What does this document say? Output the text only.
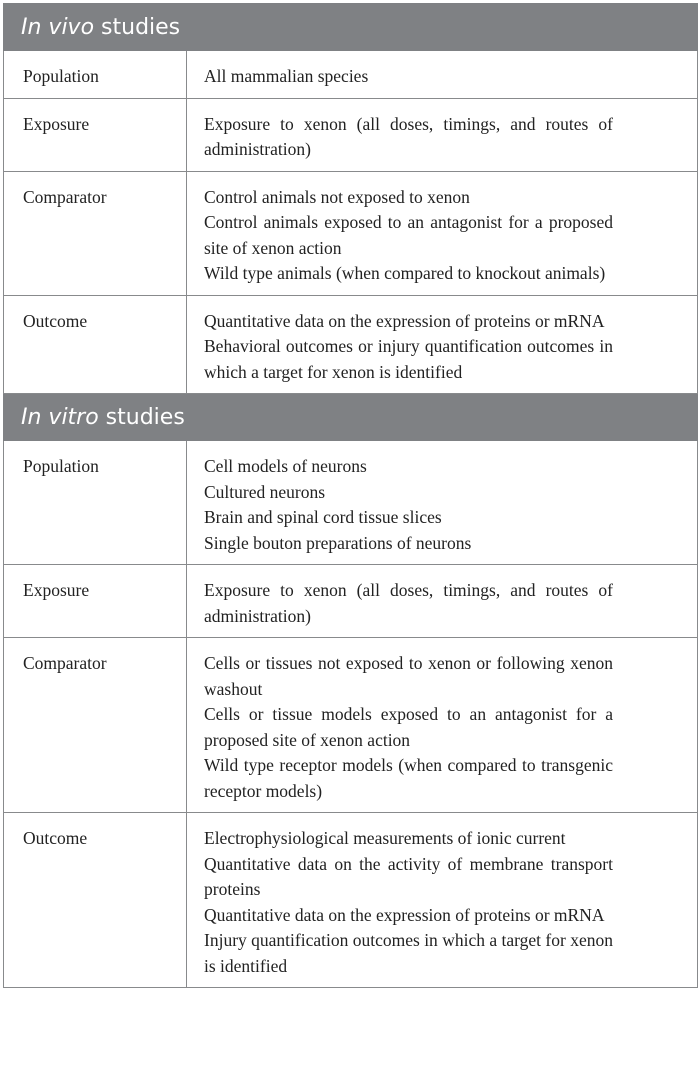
In vivo studies	
Population	All mammalian species

Exposure	Exposure to xenon (all doses, timings, and routes of administration)

Comparator	Control animals not exposed to xenon
Control animals exposed to an antagonist for a proposed site of xenon action
Wild type animals (when compared to knockout animals)

Outcome	Quantitative data on the expression of proteins or mRNA
Behavioral outcomes or injury quantification outcomes in which a target for xenon is identified

In vitro studies	
Population	Cell models of neurons
Cultured neurons
Brain and spinal cord tissue slices
Single bouton preparations of neurons

Exposure	Exposure to xenon (all doses, timings, and routes of administration)

Comparator	Cells or tissues not exposed to xenon or following xenon washout
Cells or tissue models exposed to an antagonist for a proposed site of xenon action
Wild type receptor models (when compared to transgenic receptor models)

Outcome	Electrophysiological measurements of ionic current
Quantitative data on the activity of membrane transport proteins
Quantitative data on the expression of proteins or mRNA
Injury quantification outcomes in which a target for xenon is identified
